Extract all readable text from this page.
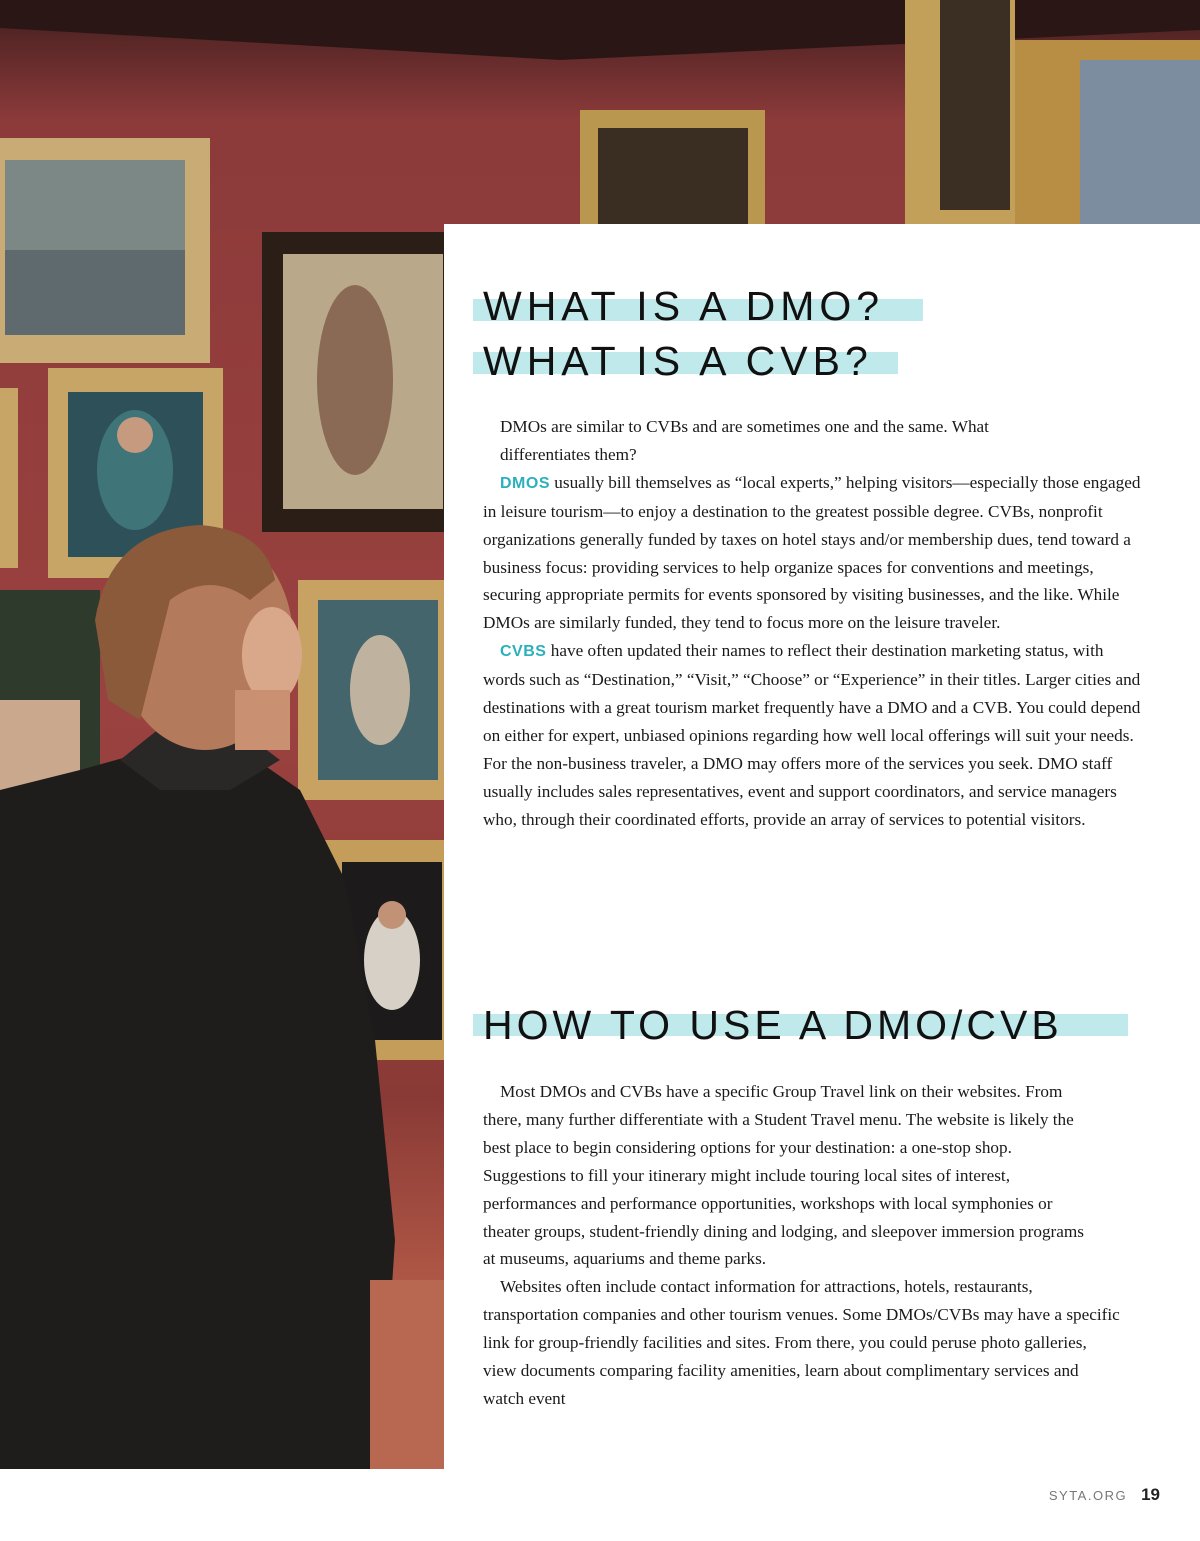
WHAT IS A DMO?
WHAT IS A CVB?

DMOs are similar to CVBs and are sometimes one and the same. What differentiates them?

DMOS usually bill themselves as “local experts,” helping visitors—especially those engaged in leisure tourism—to enjoy a destination to the greatest possible degree. CVBs, nonprofit organizations generally funded by taxes on hotel stays and/or membership dues, tend toward a business focus: providing services to help organize spaces for conventions and meetings, securing appropriate permits for events sponsored by visiting businesses, and the like. While DMOs are similarly funded, they tend to focus more on the leisure traveler.

CVBS have often updated their names to reflect their destination marketing status, with words such as “Destination,” “Visit,” “Choose” or “Experience” in their titles. Larger cities and destinations with a great tourism market frequently have a DMO and a CVB. You could depend on either for expert, unbiased opinions regarding how well local offerings will suit your needs. For the non-business traveler, a DMO may offers more of the services you seek. DMO staff usually includes sales representatives, event and support coordinators, and service managers who, through their coordinated efforts, provide an array of services to potential visitors.

HOW TO USE A DMO/CVB

Most DMOs and CVBs have a specific Group Travel link on their websites. From there, many further differentiate with a Student Travel menu. The website is likely the best place to begin considering options for your destination: a one-stop shop. Suggestions to fill your itinerary might include touring local sites of interest, performances and performance opportunities, workshops with local symphonies or theater groups, student-friendly dining and lodging, and sleepover immersion programs at museums, aquariums and theme parks.

Websites often include contact information for attractions, hotels, restaurants, transportation companies and other tourism venues. Some DMOs/CVBs may have a specific link for group-friendly facilities and sites. From there, you could peruse photo galleries, view documents comparing facility amenities, learn about complimentary services and watch event

SYTA.ORG 19
